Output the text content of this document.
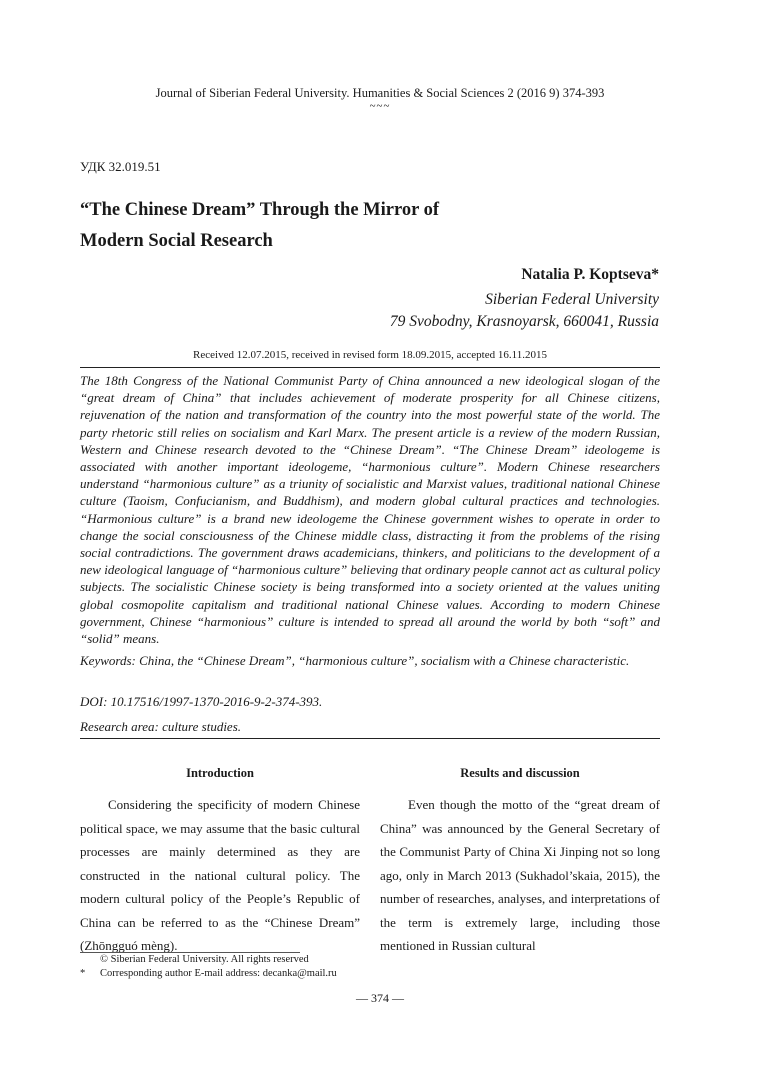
Journal of Siberian Federal University. Humanities & Social Sciences 2 (2016 9) 374-393
~~~
УДК 32.019.51
“The Chinese Dream” Through the Mirror of Modern Social Research
Natalia P. Koptseva*
Siberian Federal University
79 Svobodny, Krasnoyarsk, 660041, Russia
Received 12.07.2015, received in revised form 18.09.2015, accepted 16.11.2015
The 18th Congress of the National Communist Party of China announced a new ideological slogan of the “great dream of China” that includes achievement of moderate prosperity for all Chinese citizens, rejuvenation of the nation and transformation of the country into the most powerful state of the world. The party rhetoric still relies on socialism and Karl Marx. The present article is a review of the modern Russian, Western and Chinese research devoted to the “Chinese Dream”. “The Chinese Dream” ideologeme is associated with another important ideologeme, “harmonious culture”. Modern Chinese researchers understand “harmonious culture” as a triunity of socialistic and Marxist values, traditional national Chinese culture (Taoism, Confucianism, and Buddhism), and modern global cultural practices and technologies. “Harmonious culture” is a brand new ideologeme the Chinese government wishes to operate in order to change the social consciousness of the Chinese middle class, distracting it from the problems of the rising social contradictions. The government draws academicians, thinkers, and politicians to the development of a new ideological language of “harmonious culture” believing that ordinary people cannot act as cultural policy subjects. The socialistic Chinese society is being transformed into a society oriented at the values uniting global cosmopolite capitalism and traditional national Chinese values. According to modern Chinese government, Chinese “harmonious” culture is intended to spread all around the world by both “soft” and “solid” means.
Keywords: China, the “Chinese Dream”, “harmonious culture”, socialism with a Chinese characteristic.
DOI: 10.17516/1997-1370-2016-9-2-374-393.
Research area: culture studies.
Introduction
Considering the specificity of modern Chinese political space, we may assume that the basic cultural processes are mainly determined as they are constructed in the national cultural policy. The modern cultural policy of the People’s Republic of China can be referred to as the “Chinese Dream” (Zhōngguó mèng).
Results and discussion
Even though the motto of the “great dream of China” was announced by the General Secretary of the Communist Party of China Xi Jinping not so long ago, only in March 2013 (Sukhadol’skaia, 2015), the number of researches, analyses, and interpretations of the term is extremely large, including those mentioned in Russian cultural
© Siberian Federal University. All rights reserved
* Corresponding author E-mail address: decanka@mail.ru
— 374 —
